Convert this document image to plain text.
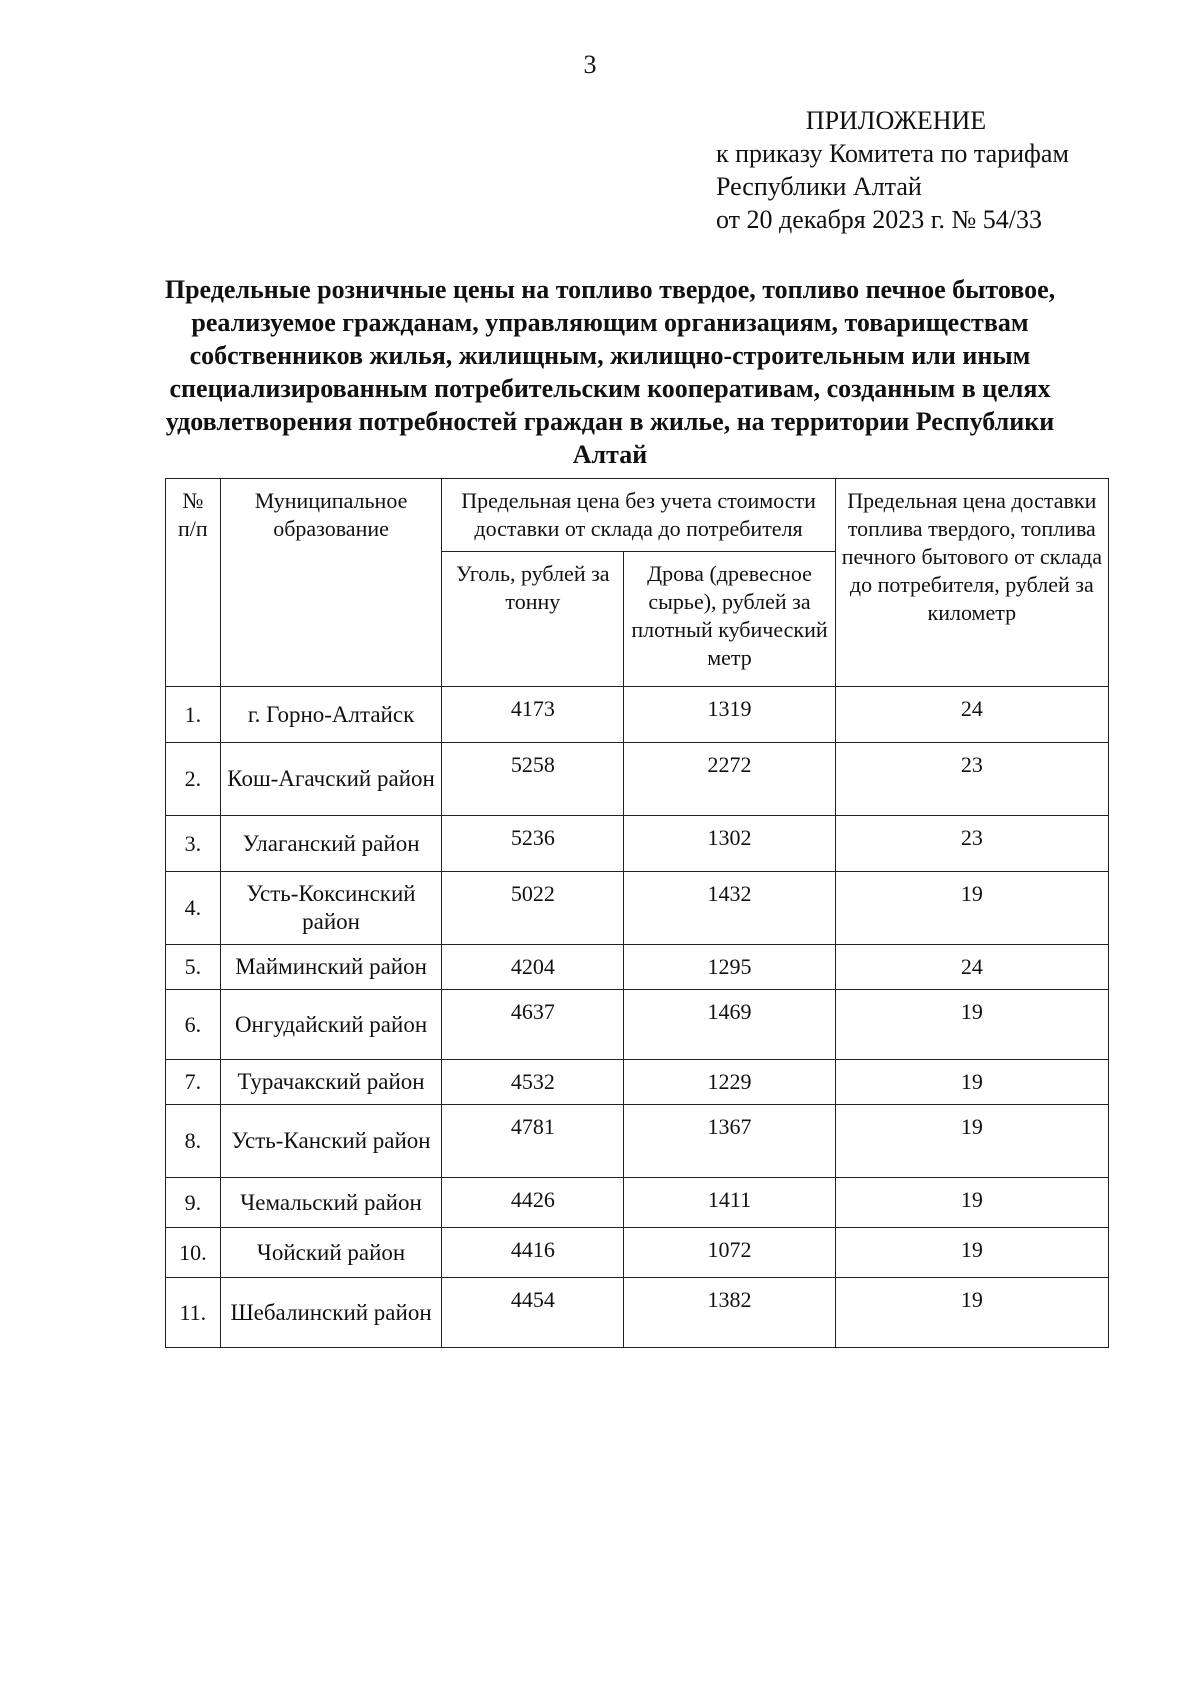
3
ПРИЛОЖЕНИЕ
к приказу Комитета по тарифам
Республики Алтай
от 20 декабря 2023 г. № 54/33
Предельные розничные цены на топливо твердое, топливо печное бытовое, реализуемое гражданам, управляющим организациям, товариществам собственников жилья, жилищным, жилищно-строительным или иным специализированным потребительским кооперативам, созданным в целях удовлетворения потребностей граждан в жилье, на территории Республики Алтай
№ п/п	Муниципальное образование	Предельная цена без учета стоимости доставки от склада до потребителя		Предельная цена доставки топлива твердого, топлива печного бытового от склада до потребителя, рублей за километр
		Уголь, рублей за тонну	Дрова (древесное сырье), рублей за плотный кубический метр	
1.	г. Горно-Алтайск	4173	1319	24
2.	Кош-Агачский район	5258	2272	23
3.	Улаганский район	5236	1302	23
4.	Усть-Коксинский район	5022	1432	19
5.	Майминский район	4204	1295	24
6.	Онгудайский район	4637	1469	19
7.	Турачакский район	4532	1229	19
8.	Усть-Канский район	4781	1367	19
9.	Чемальский район	4426	1411	19
10.	Чойский район	4416	1072	19
11.	Шебалинский район	4454	1382	19
